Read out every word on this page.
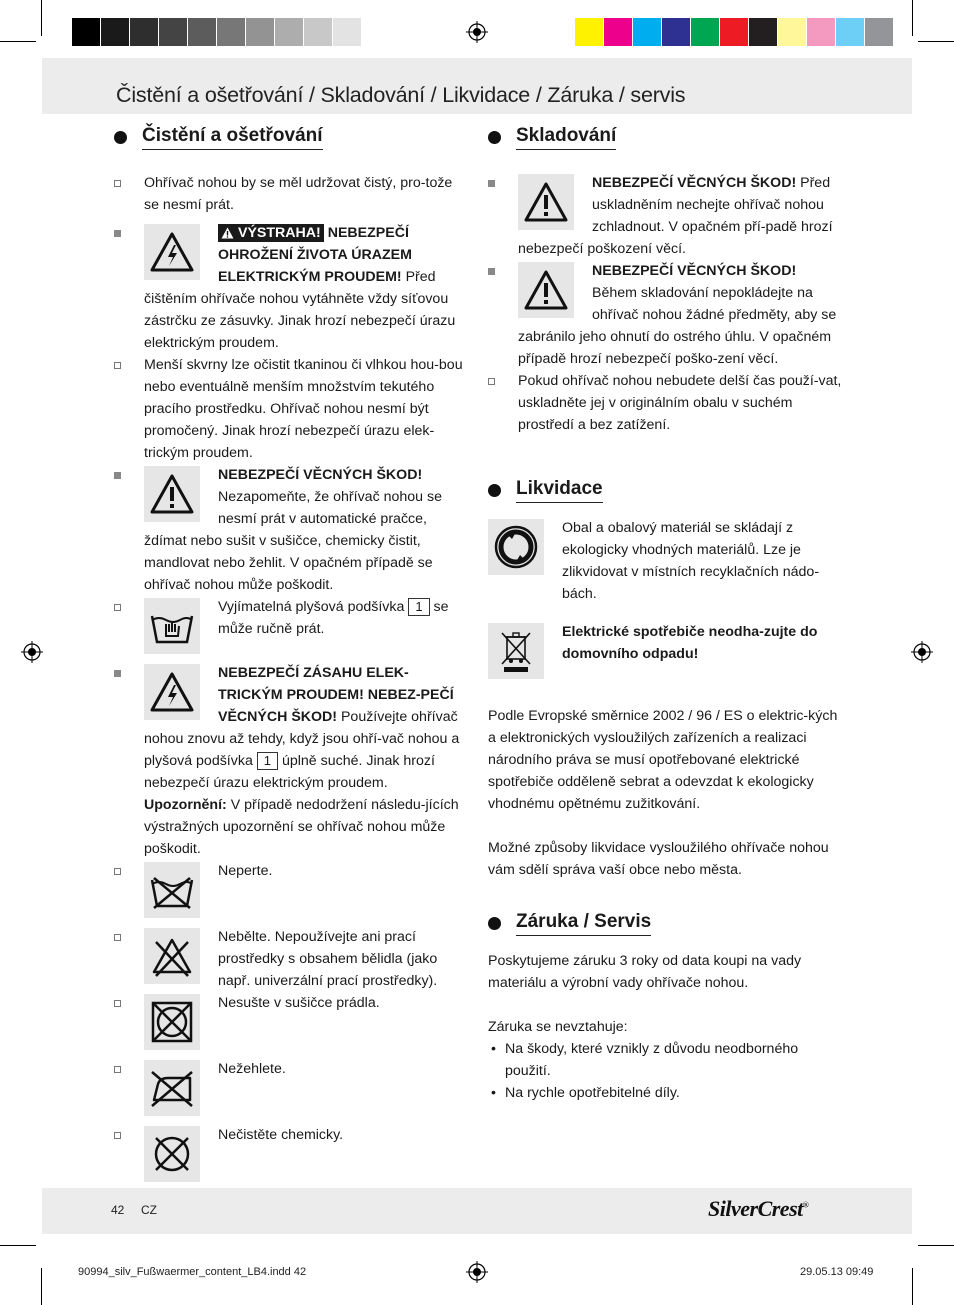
Čistění a ošetřování / Skladování / Likvidace / Záruka / servis
Čistění a ošetřování
Ohřívač nohou by se měl udržovat čistý, pro-tože se nesmí prát.
VÝSTRAHA! NEBEZPEČÍ OHROŽENÍ ŽIVOTA ÚRAZEM ELEKTRICKÝM PROUDEM! Před čištěním ohřívače nohou vytáhněte vždy síťovou zástrčku ze zásuvky. Jinak hrozí nebezpečí úrazu elektrickým proudem.
Menší skvrny lze očistit tkaninou či vlhkou hou-bou nebo eventuálně menším množstvím tekutého pracího prostředku. Ohřívač nohou nesmí být promočený. Jinak hrozí nebezpečí úrazu elek-trickým proudem.
NEBEZPEČÍ VĚCNÝCH ŠKOD! Nezapomeňte, že ohřívač nohou se nesmí prát v automatické pračce, ždímat nebo sušit v sušičce, chemicky čistit, mandlovat nebo žehlit. V opačném případě se ohřívač nohou může poškodit.
Vyjímatelná plyšová podšívka 1 se může ručně prát.
NEBEZPEČÍ ZÁSAHU ELEK-TRICKÝM PROUDEM! NEBEZ-PEČÍ VĚCNÝCH ŠKOD! Používejte ohřívač nohou znovu až tehdy, když jsou ohří-vač nohou a plyšová podšívka 1 úplně suché. Jinak hrozí nebezpečí úrazu elektrickým proudem.
Upozornění: V případě nedodržení následu-jících výstražných upozornění se ohřívač nohou může poškodit.
Neperte.
Nebělte. Nepoužívejte ani prací prostředky s obsahem bělidla (jako např. univerzální prací prostředky).
Nesušte v sušičce prádla.
Nežehlete.
Nečistěte chemicky.
Skladování
NEBEZPEČÍ VĚCNÝCH ŠKOD! Před uskladněním nechejte ohřívač nohou zchladnout. V opačném pří-padě hrozí nebezpečí poškození věcí.
NEBEZPEČÍ VĚCNÝCH ŠKOD! Během skladování nepokládejte na ohřívač nohou žádné předměty, aby se zabránilo jeho ohnutí do ostrého úhlu. V opačném případě hrozí nebezpečí poško-zení věcí.
Pokud ohřívač nohou nebudete delší čas použí-vat, uskladněte jej v originálním obalu v suchém prostředí a bez zatížení.
Likvidace
Obal a obalový materiál se skládají z ekologicky vhodných materiálů. Lze je zlikvidovat v místních recyklačních nádo-bách.
Elektrické spotřebiče neodha-zujte do domovního odpadu!
Podle Evropské směrnice 2002 / 96 / ES o elektric-kých a elektronických vysloužilých zařízeních a realizaci národního práva se musí opotřebované elektrické spotřebiče odděleně sebrat a odevzdat k ekologicky vhodnému opětnému zužitkování.
Možné způsoby likvidace vysloužilého ohřívače nohou vám sdělí správa vaší obce nebo města.
Záruka / Servis
Poskytujeme záruku 3 roky od data koupi na vady materiálu a výrobní vady ohřívače nohou.
Záruka se nevztahuje:
• Na škody, které vznikly z důvodu neodborného použití.
• Na rychle opotřebitelné díly.
42 CZ	SilverCrest®
90994_silv_Fußwaermer_content_LB4.indd 42	29.05.13 09:49
